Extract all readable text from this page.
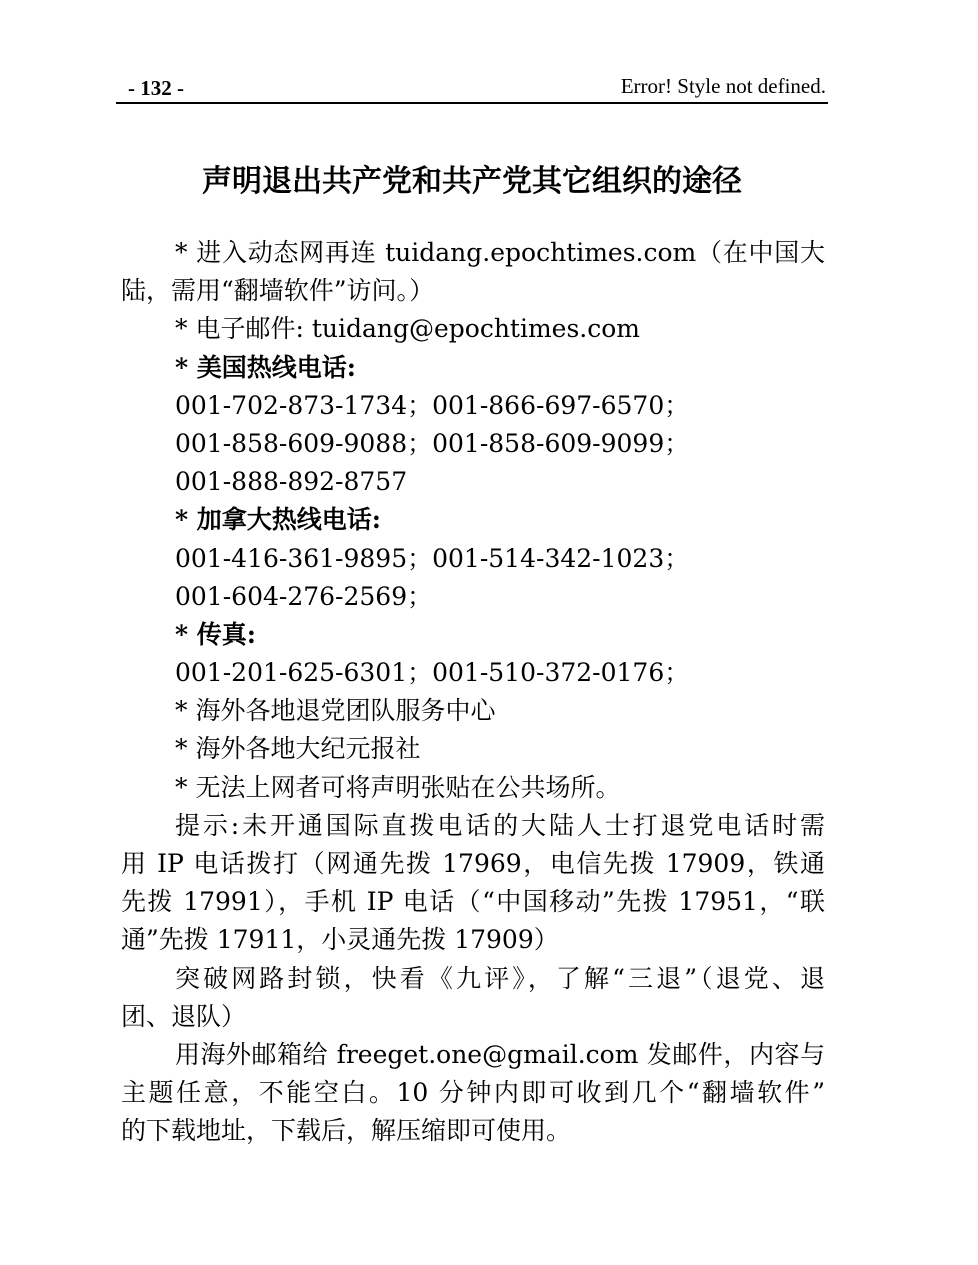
- 132 -	Error! Style not defined.
声明退出共产党和共产党其它组织的途径
* 进入动态网再连 tuidang.epochtimes.com（在中国大
陆，需用“翻墙软件”访问。）
* 电子邮件: tuidang@epochtimes.com
* 美国热线电话:
001-702-873-1734；001-866-697-6570；
001-858-609-9088；001-858-609-9099；
001-888-892-8757
* 加拿大热线电话:
001-416-361-9895；001-514-342-1023；
001-604-276-2569；
* 传真:
001-201-625-6301；001-510-372-0176；
* 海外各地退党团队服务中心
* 海外各地大纪元报社
* 无法上网者可将声明张贴在公共场所。
提示:未开通国际直拨电话的大陆人士打退党电话时需
用 IP 电话拨打（网通先拨 17969，电信先拨 17909，铁通
先拨 17991），手机 IP 电话（“中国移动”先拨 17951，“联
通”先拨 17911，小灵通先拨 17909）
突破网路封锁，快看《九评》，了解“三退”（退党、退
团、退队）
用海外邮箱给 freeget.one@gmail.com 发邮件，内容与
主题任意，不能空白。10 分钟内即可收到几个“翻墙软件”
的下载地址，下载后，解压缩即可使用。
